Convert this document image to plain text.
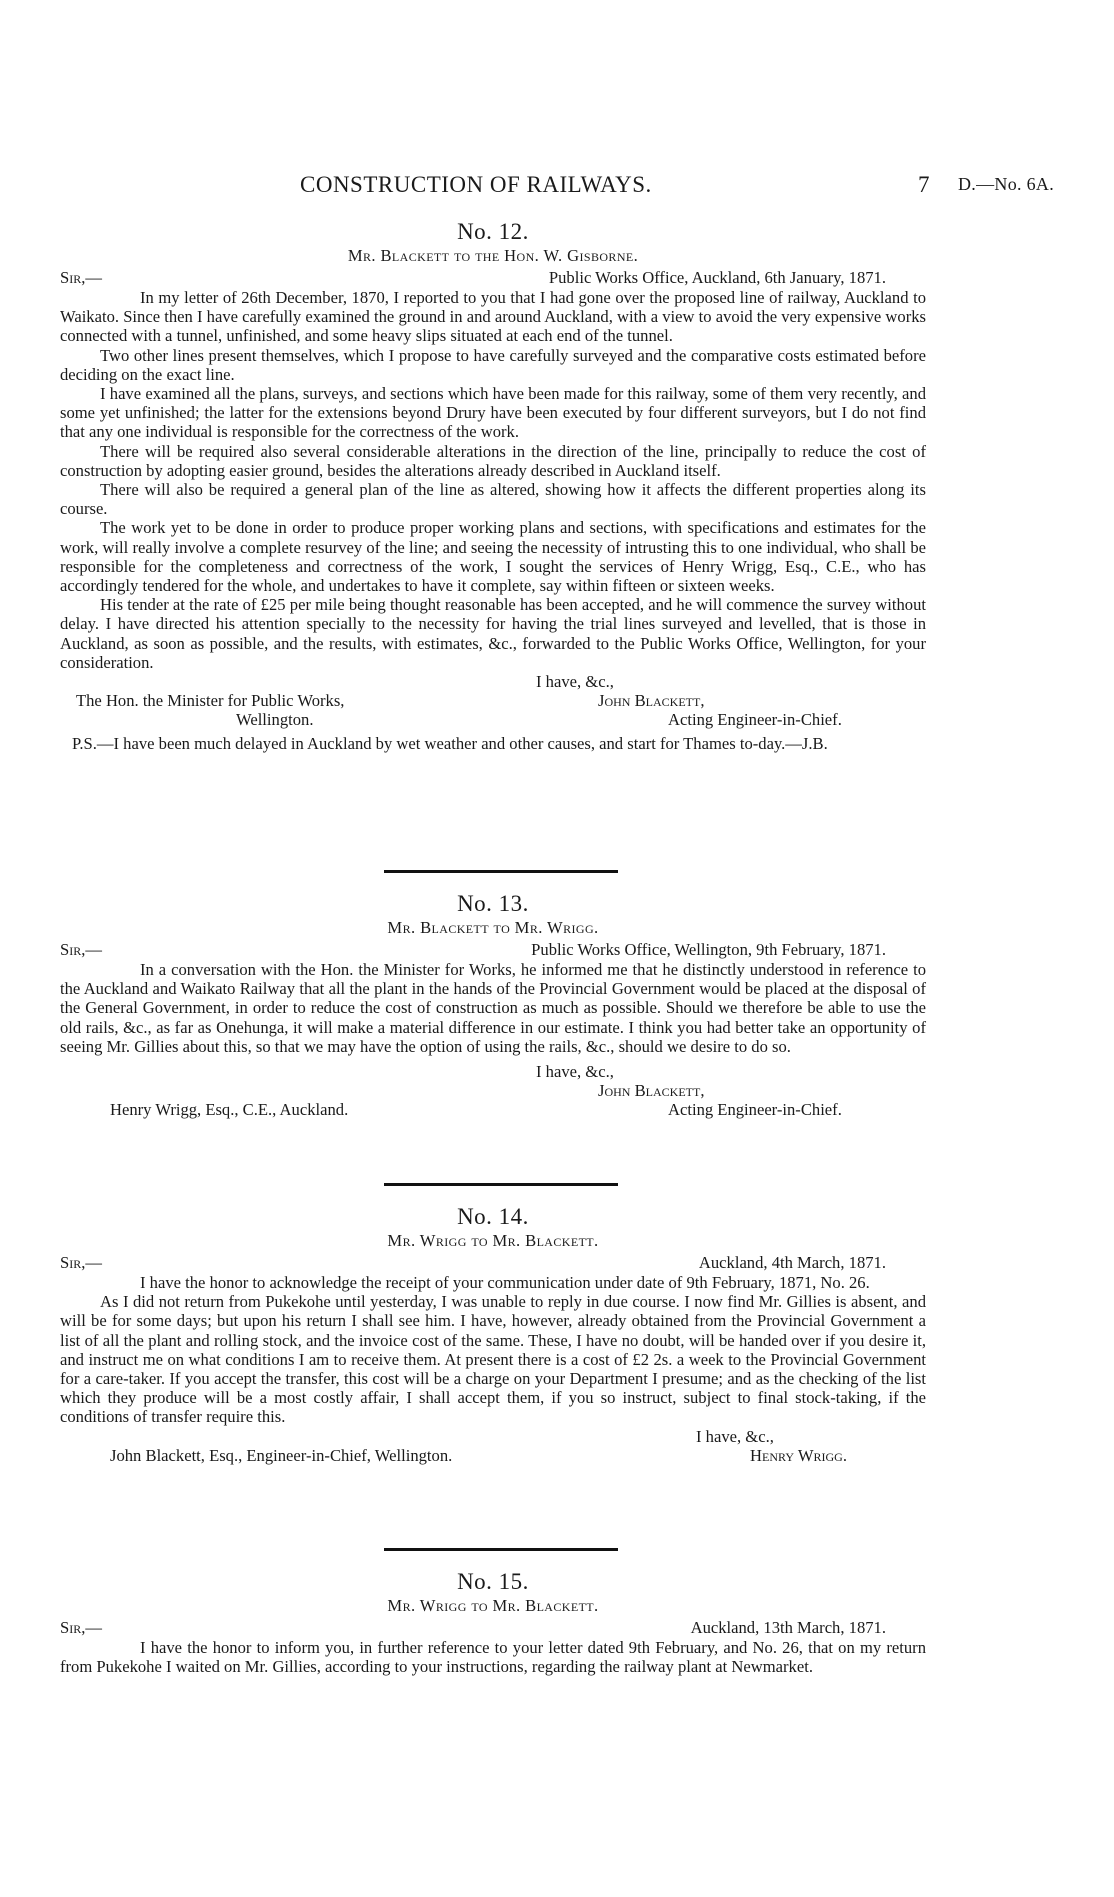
CONSTRUCTION OF RAILWAYS.	7 D.—No. 6A.
No. 12.
Mr. Blackett to the Hon. W. Gisborne.
Sir,—	Public Works Office, Auckland, 6th January, 1871.

In my letter of 26th December, 1870, I reported to you that I had gone over the proposed line of railway, Auckland to Waikato. Since then I have carefully examined the ground in and around Auckland, with a view to avoid the very expensive works connected with a tunnel, unfinished, and some heavy slips situated at each end of the tunnel.

Two other lines present themselves, which I propose to have carefully surveyed and the comparative costs estimated before deciding on the exact line.

I have examined all the plans, surveys, and sections which have been made for this railway, some of them very recently, and some yet unfinished; the latter for the extensions beyond Drury have been executed by four different surveyors, but I do not find that any one individual is responsible for the correctness of the work.

There will be required also several considerable alterations in the direction of the line, principally to reduce the cost of construction by adopting easier ground, besides the alterations already described in Auckland itself.

There will also be required a general plan of the line as altered, showing how it affects the different properties along its course.

The work yet to be done in order to produce proper working plans and sections, with specifications and estimates for the work, will really involve a complete resurvey of the line; and seeing the necessity of intrusting this to one individual, who shall be responsible for the completeness and correctness of the work, I sought the services of Henry Wrigg, Esq., C.E., who has accordingly tendered for the whole, and undertakes to have it complete, say within fifteen or sixteen weeks.

His tender at the rate of £25 per mile being thought reasonable has been accepted, and he will commence the survey without delay. I have directed his attention specially to the necessity for having the trial lines surveyed and levelled, that is those in Auckland, as soon as possible, and the results, with estimates, &c., forwarded to the Public Works Office, Wellington, for your consideration.

I have, &c.,
The Hon. the Minister for Public Works,	John Blackett,
Wellington.	Acting Engineer-in-Chief.

P.S.—I have been much delayed in Auckland by wet weather and other causes, and start for Thames to-day.—J.B.

No. 13.
Mr. Blackett to Mr. Wrigg.
Sir,—	Public Works Office, Wellington, 9th February, 1871.

In a conversation with the Hon. the Minister for Works, he informed me that he distinctly understood in reference to the Auckland and Waikato Railway that all the plant in the hands of the Provincial Government would be placed at the disposal of the General Government, in order to reduce the cost of construction as much as possible. Should we therefore be able to use the old rails, &c., as far as Onehunga, it will make a material difference in our estimate. I think you had better take an opportunity of seeing Mr. Gillies about this, so that we may have the option of using the rails, &c., should we desire to do so.

I have, &c.,
John Blackett,
Henry Wrigg, Esq., C.E., Auckland.	Acting Engineer-in-Chief.
No. 14.
Mr. Wrigg to Mr. Blackett.
Sir,—	Auckland, 4th March, 1871.

I have the honor to acknowledge the receipt of your communication under date of 9th February, 1871, No. 26.

As I did not return from Pukekohe until yesterday, I was unable to reply in due course. I now find Mr. Gillies is absent, and will be for some days; but upon his return I shall see him. I have, however, already obtained from the Provincial Government a list of all the plant and rolling stock, and the invoice cost of the same. These, I have no doubt, will be handed over if you desire it, and instruct me on what conditions I am to receive them. At present there is a cost of £2 2s. a week to the Provincial Government for a care-taker. If you accept the transfer, this cost will be a charge on your Department I presume; and as the checking of the list which they produce will be a most costly affair, I shall accept them, if you so instruct, subject to final stock-taking, if the conditions of transfer require this.

I have, &c.,
John Blackett, Esq., Engineer-in-Chief, Wellington.	Henry Wrigg.
No. 15.
Mr. Wrigg to Mr. Blackett.
Sir,—	Auckland, 13th March, 1871.

I have the honor to inform you, in further reference to your letter dated 9th February, and No. 26, that on my return from Pukekohe I waited on Mr. Gillies, according to your instructions, regarding the railway plant at Newmarket.
